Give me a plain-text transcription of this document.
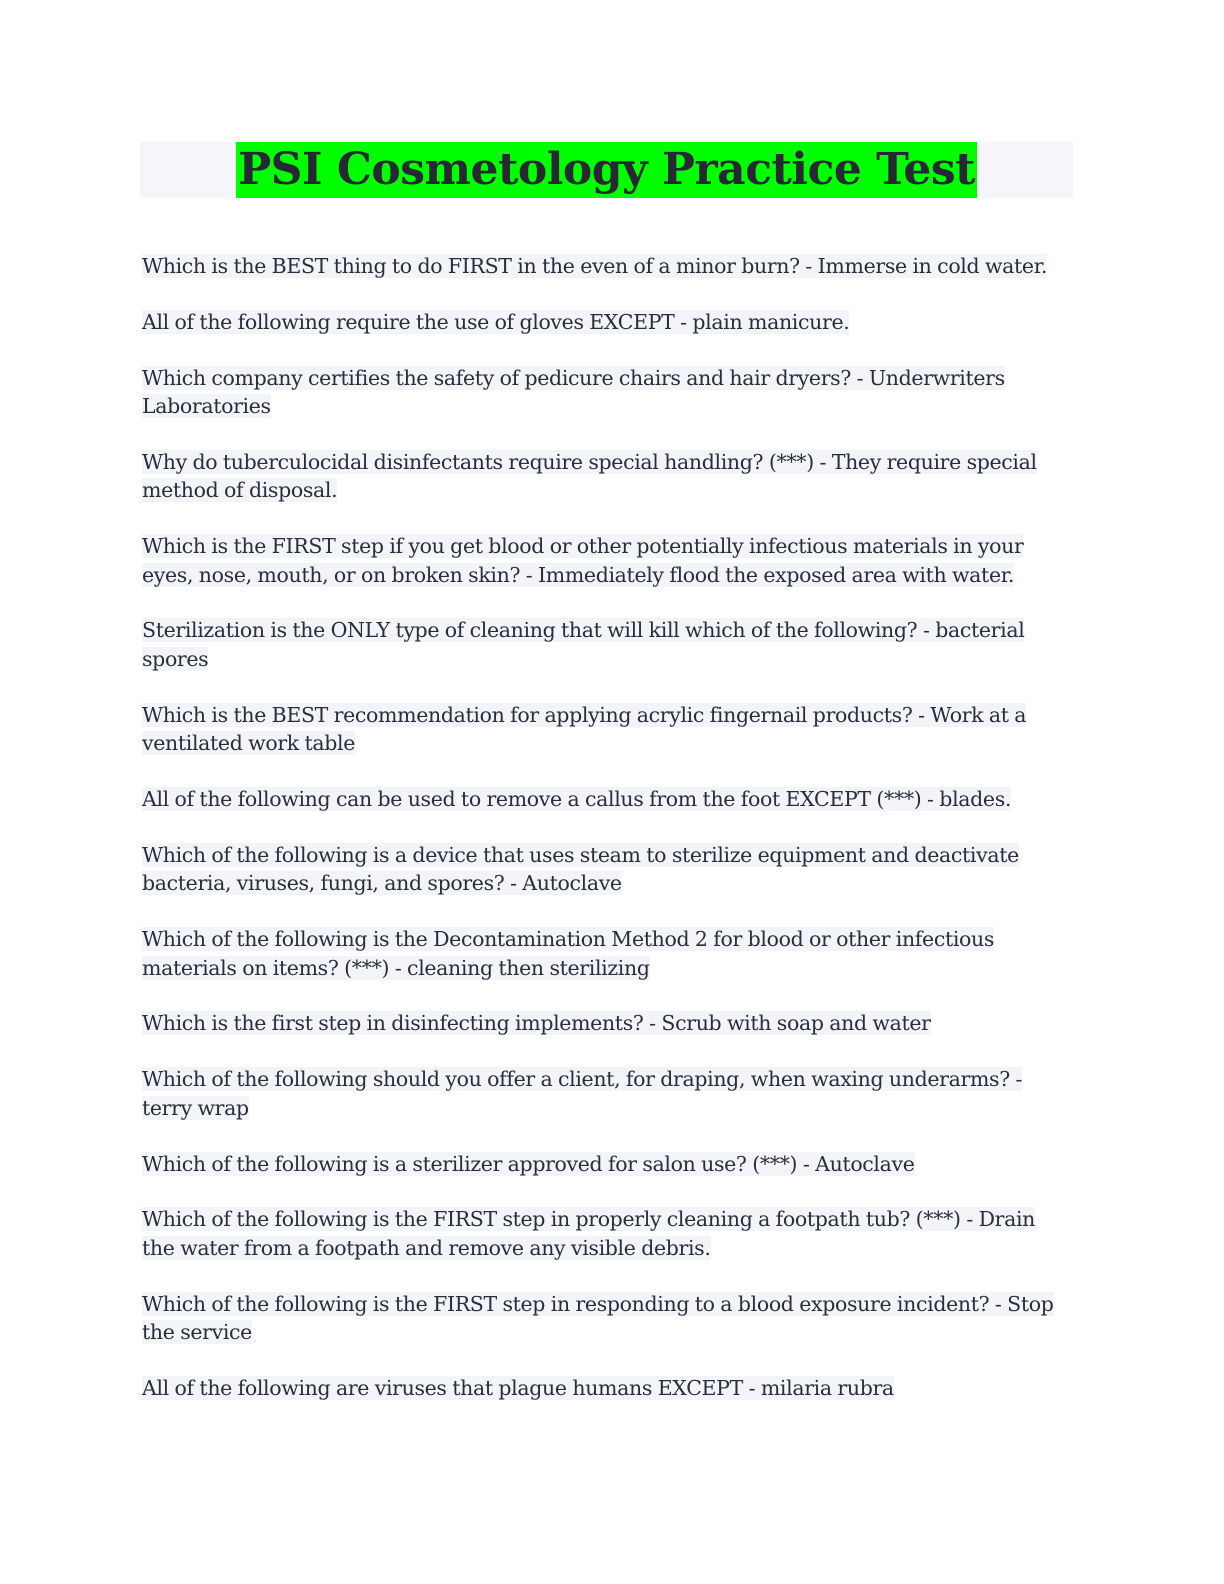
PSI Cosmetology Practice Test
Which is the BEST thing to do FIRST in the even of a minor burn? - Immerse in cold water.
All of the following require the use of gloves EXCEPT - plain manicure.
Which company certifies the safety of pedicure chairs and hair dryers? - Underwriters Laboratories
Why do tuberculocidal disinfectants require special handling? (***) - They require special method of disposal.
Which is the FIRST step if you get blood or other potentially infectious materials in your eyes, nose, mouth, or on broken skin? - Immediately flood the exposed area with water.
Sterilization is the ONLY type of cleaning that will kill which of the following? - bacterial spores
Which is the BEST recommendation for applying acrylic fingernail products? - Work at a ventilated work table
All of the following can be used to remove a callus from the foot EXCEPT (***) - blades.
Which of the following is a device that uses steam to sterilize equipment and deactivate bacteria, viruses, fungi, and spores? - Autoclave
Which of the following is the Decontamination Method 2 for blood or other infectious materials on items? (***) - cleaning then sterilizing
Which is the first step in disinfecting implements? - Scrub with soap and water
Which of the following should you offer a client, for draping, when waxing underarms? - terry wrap
Which of the following is a sterilizer approved for salon use? (***) - Autoclave
Which of the following is the FIRST step in properly cleaning a footpath tub? (***) - Drain the water from a footpath and remove any visible debris.
Which of the following is the FIRST step in responding to a blood exposure incident? - Stop the service
All of the following are viruses that plague humans EXCEPT - milaria rubra
